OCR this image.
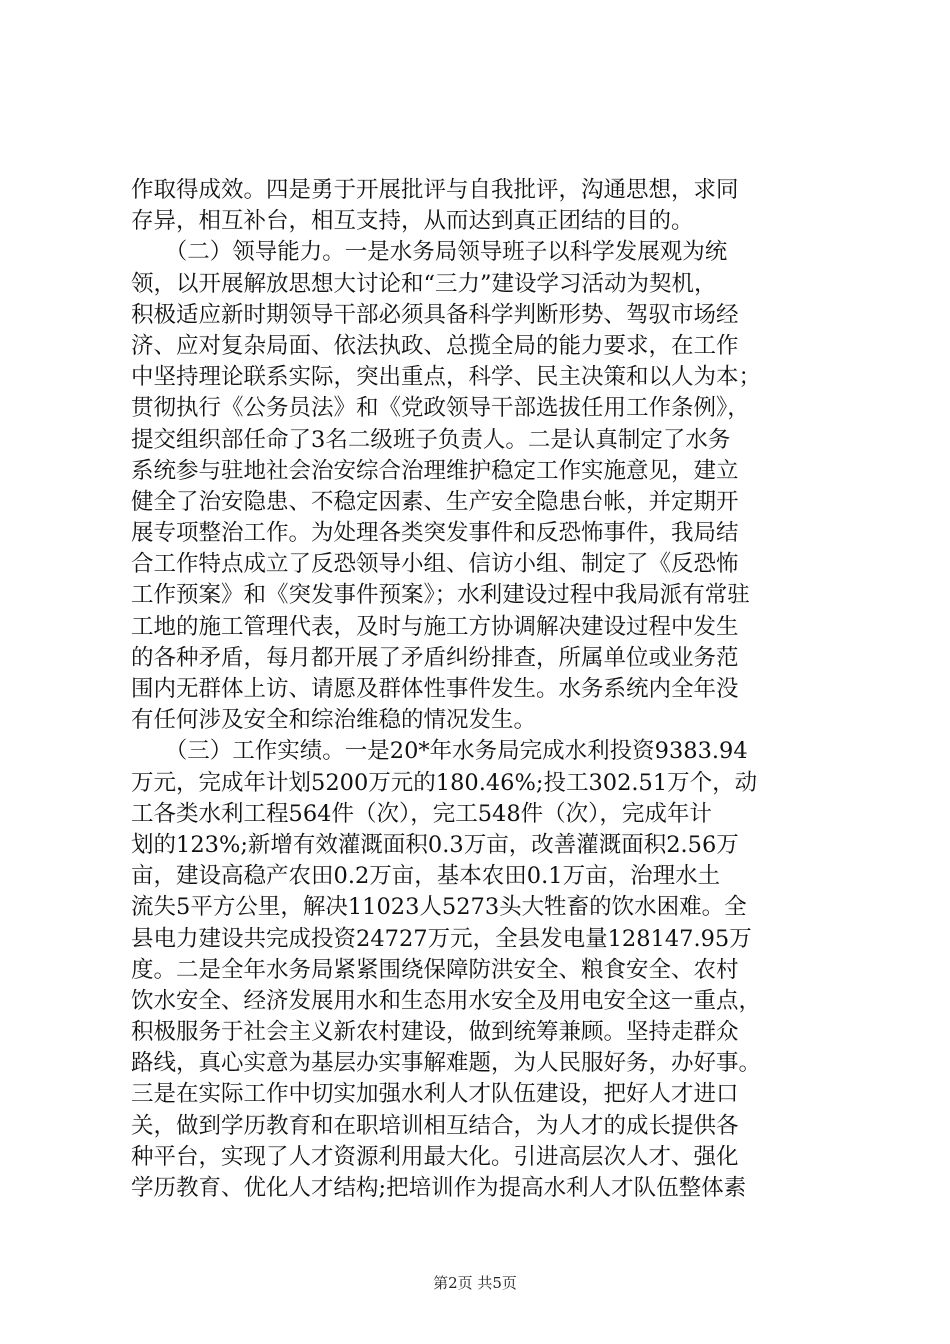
作取得成效。四是勇于开展批评与自我批评，沟通思想，求同
存异，相互补台，相互支持，从而达到真正团结的目的。
　　（二）领导能力。一是水务局领导班子以科学发展观为统
领，以开展解放思想大讨论和“三力”建设学习活动为契机，
积极适应新时期领导干部必须具备科学判断形势、驾驭市场经
济、应对复杂局面、依法执政、总揽全局的能力要求，在工作
中坚持理论联系实际，突出重点，科学、民主决策和以人为本；
贯彻执行《公务员法》和《党政领导干部选拔任用工作条例》，
提交组织部任命了3名二级班子负责人。二是认真制定了水务
系统参与驻地社会治安综合治理维护稳定工作实施意见，建立
健全了治安隐患、不稳定因素、生产安全隐患台帐，并定期开
展专项整治工作。为处理各类突发事件和反恐怖事件，我局结
合工作特点成立了反恐领导小组、信访小组、制定了《反恐怖
工作预案》和《突发事件预案》；水利建设过程中我局派有常驻
工地的施工管理代表，及时与施工方协调解决建设过程中发生
的各种矛盾，每月都开展了矛盾纠纷排查，所属单位或业务范
围内无群体上访、请愿及群体性事件发生。水务系统内全年没
有任何涉及安全和综治维稳的情况发生。
　　（三）工作实绩。一是20*年水务局完成水利投资9383.94
万元，完成年计划5200万元的180.46%;投工302.51万个，动
工各类水利工程564件（次），完工548件（次），完成年计
划的123%;新增有效灌溉面积0.3万亩，改善灌溉面积2.56万
亩，建设高稳产农田0.2万亩，基本农田0.1万亩，治理水土
流失5平方公里，解决11023人5273头大牲畜的饮水困难。全
县电力建设共完成投资24727万元，全县发电量128147.95万
度。二是全年水务局紧紧围绕保障防洪安全、粮食安全、农村
饮水安全、经济发展用水和生态用水安全及用电安全这一重点，
积极服务于社会主义新农村建设，做到统筹兼顾。坚持走群众
路线，真心实意为基层办实事解难题，为人民服好务，办好事。
三是在实际工作中切实加强水利人才队伍建设，把好人才进口
关，做到学历教育和在职培训相互结合，为人才的成长提供各
种平台，实现了人才资源利用最大化。引进高层次人才、强化
学历教育、优化人才结构;把培训作为提高水利人才队伍整体素
第2页 共5页
